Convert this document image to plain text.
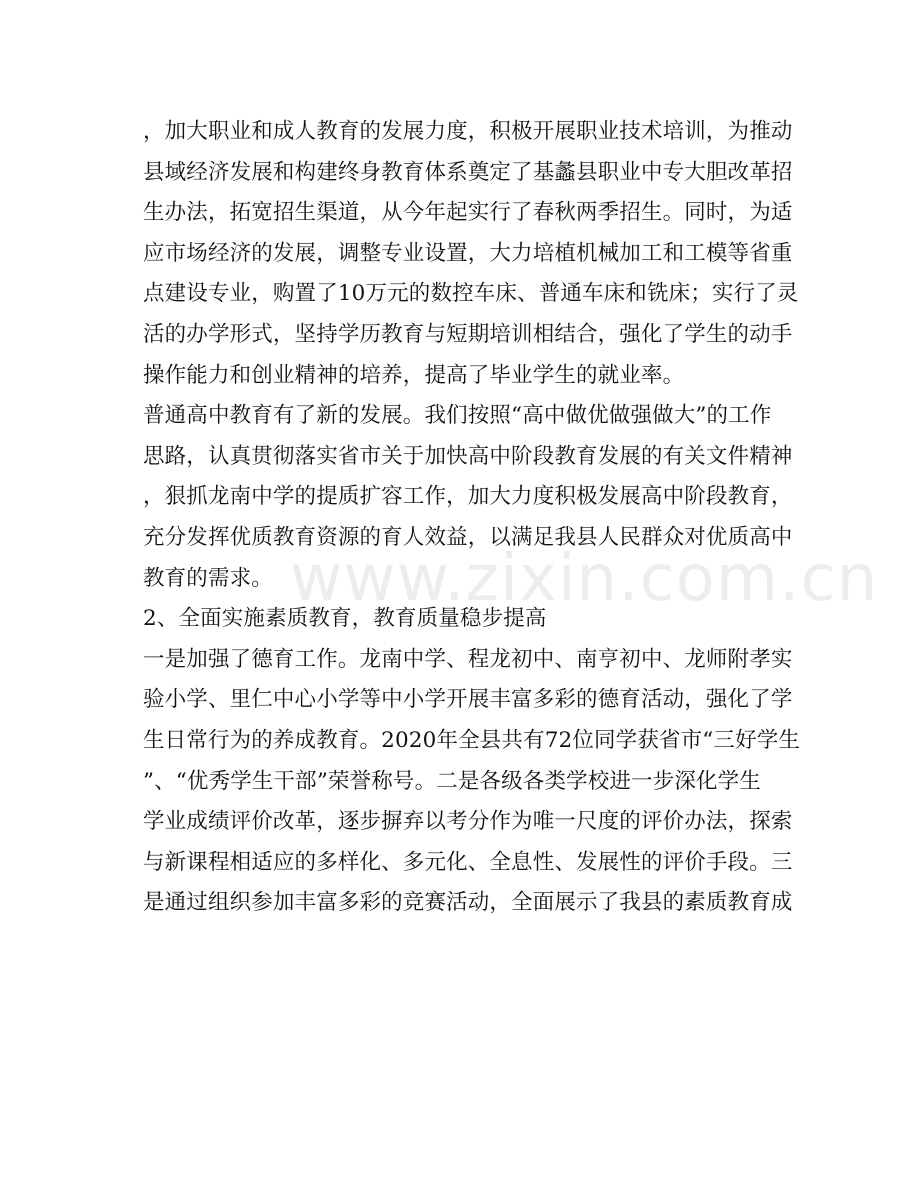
www.zixin.com.cn
，加大职业和成人教育的发展力度，积极开展职业技术培训，为推动
县域经济发展和构建终身教育体系奠定了基蠡县职业中专大胆改革招
生办法，拓宽招生渠道，从今年起实行了春秋两季招生。同时，为适
应市场经济的发展，调整专业设置，大力培植机械加工和工模等省重
点建设专业，购置了10万元的数控车床、普通车床和铣床；实行了灵
活的办学形式，坚持学历教育与短期培训相结合，强化了学生的动手
操作能力和创业精神的培养，提高了毕业学生的就业率。
普通高中教育有了新的发展。我们按照“高中做优做强做大”的工作
思路，认真贯彻落实省市关于加快高中阶段教育发展的有关文件精神
，狠抓龙南中学的提质扩容工作，加大力度积极发展高中阶段教育，
充分发挥优质教育资源的育人效益，以满足我县人民群众对优质高中
教育的需求。
2、全面实施素质教育，教育质量稳步提高
一是加强了德育工作。龙南中学、程龙初中、南亨初中、龙师附孝实
验小学、里仁中心小学等中小学开展丰富多彩的德育活动，强化了学
生日常行为的养成教育。2020年全县共有72位同学获省市“三好学生
”、“优秀学生干部”荣誉称号。二是各级各类学校进一步深化学生
学业成绩评价改革，逐步摒弃以考分作为唯一尺度的评价办法，探索
与新课程相适应的多样化、多元化、全息性、发展性的评价手段。三
是通过组织参加丰富多彩的竞赛活动，全面展示了我县的素质教育成
